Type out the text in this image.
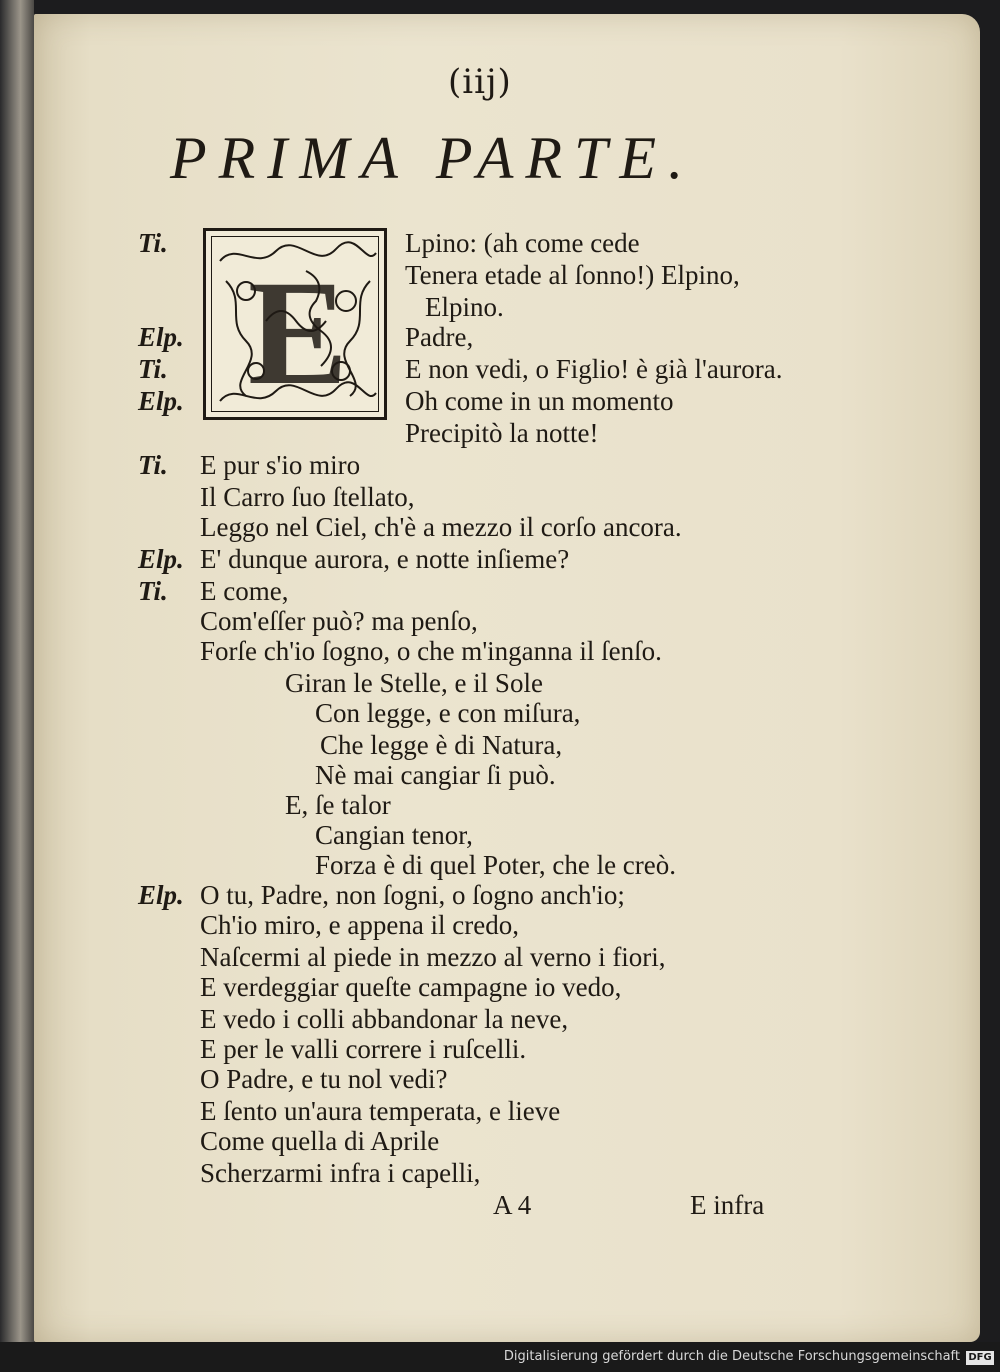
(iij)
PRIMA PARTE.
E
Ti.	Lpino: (ah come cede
Tenera etade al ſonno!) Elpino,
Elpino.
Elp.	Padre,
Ti.	E non vedi, o Figlio! è già l'aurora.
Elp.	Oh come in un momento
Precipitò la notte!
Ti. E pur s'io miro
Il Carro ſuo ſtellato,
Leggo nel Ciel, ch'è a mezzo il corſo ancora.
Elp. E' dunque aurora, e notte inſieme?
Ti. E come,
Com'eſſer può? ma penſo,
Forſe ch'io ſogno, o che m'inganna il ſenſo.
Giran le Stelle, e il Sole
Con legge, e con miſura,
Che legge è di Natura,
Nè mai cangiar ſi può.
E, ſe talor
Cangian tenor,
Forza è di quel Poter, che le creò.
Elp. O tu, Padre, non ſogni, o ſogno anch'io;
Ch'io miro, e appena il credo,
Naſcermi al piede in mezzo al verno i fiori,
E verdeggiar queſte campagne io vedo,
E vedo i colli abbandonar la neve,
E per le valli correre i ruſcelli.
O Padre, e tu nol vedi?
E ſento un'aura temperata, e lieve
Come quella di Aprile
Scherzarmi infra i capelli,
A 4	E infra
Digitalisierung gefördert durch die Deutsche Forschungsgemeinschaft DFG
